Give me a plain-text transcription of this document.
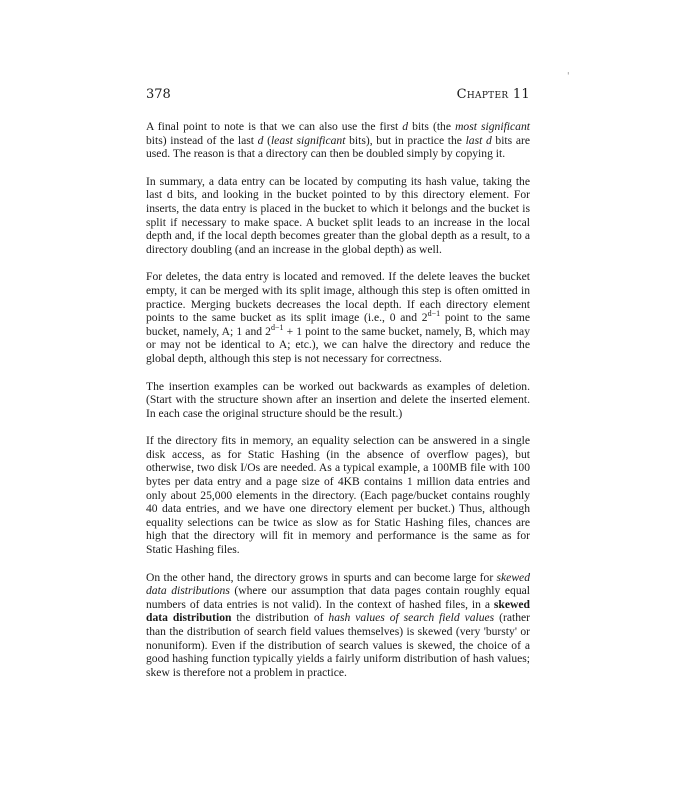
378	Chapter 11
'

A final point to note is that we can also use the first d bits (the most significant bits) instead of the last d (least significant bits), but in practice the last d bits are used. The reason is that a directory can then be doubled simply by copying it.

In summary, a data entry can be located by computing its hash value, taking the last d bits, and looking in the bucket pointed to by this directory element. For inserts, the data entry is placed in the bucket to which it belongs and the bucket is split if necessary to make space. A bucket split leads to an increase in the local depth and, if the local depth becomes greater than the global depth as a result, to a directory doubling (and an increase in the global depth) as well.

For deletes, the data entry is located and removed. If the delete leaves the bucket empty, it can be merged with its split image, although this step is often omitted in practice. Merging buckets decreases the local depth. If each directory element points to the same bucket as its split image (i.e., 0 and $2^{d-1}$ point to the same bucket, namely, A; 1 and $2^{d-1} + 1$ point to the same bucket, namely, B, which may or may not be identical to A; etc.), we can halve the directory and reduce the global depth, although this step is not necessary for correctness.

The insertion examples can be worked out backwards as examples of deletion. (Start with the structure shown after an insertion and delete the inserted element. In each case the original structure should be the result.)

If the directory fits in memory, an equality selection can be answered in a single disk access, as for Static Hashing (in the absence of overflow pages), but otherwise, two disk I/Os are needed. As a typical example, a 100MB file with 100 bytes per data entry and a page size of 4KB contains 1 million data entries and only about 25,000 elements in the directory. (Each page/bucket contains roughly 40 data entries, and we have one directory element per bucket.) Thus, although equality selections can be twice as slow as for Static Hashing files, chances are high that the directory will fit in memory and performance is the same as for Static Hashing files.

On the other hand, the directory grows in spurts and can become large for skewed data distributions (where our assumption that data pages contain roughly equal numbers of data entries is not valid). In the context of hashed files, in a skewed data distribution the distribution of hash values of search field values (rather than the distribution of search field values themselves) is skewed (very 'bursty' or nonuniform). Even if the distribution of search values is skewed, the choice of a good hashing function typically yields a fairly uniform distribution of hash values; skew is therefore not a problem in practice.
